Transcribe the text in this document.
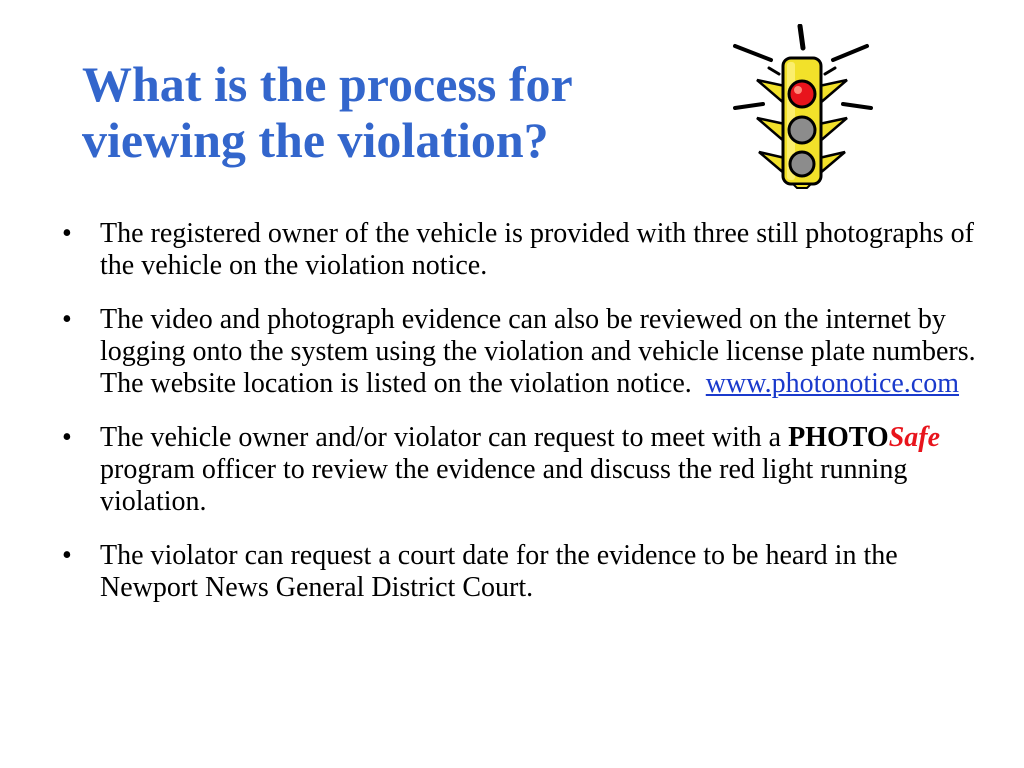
What is the process for
viewing the violation?
• The registered owner of the vehicle is provided with three still photographs of the vehicle on the violation notice.
• The video and photograph evidence can also be reviewed on the internet by logging onto the system using the violation and vehicle license plate numbers. The website location is listed on the violation notice. www.photonotice.com
• The vehicle owner and/or violator can request to meet with a PHOTOSafe program officer to review the evidence and discuss the red light running violation.
• The violator can request a court date for the evidence to be heard in the Newport News General District Court.
